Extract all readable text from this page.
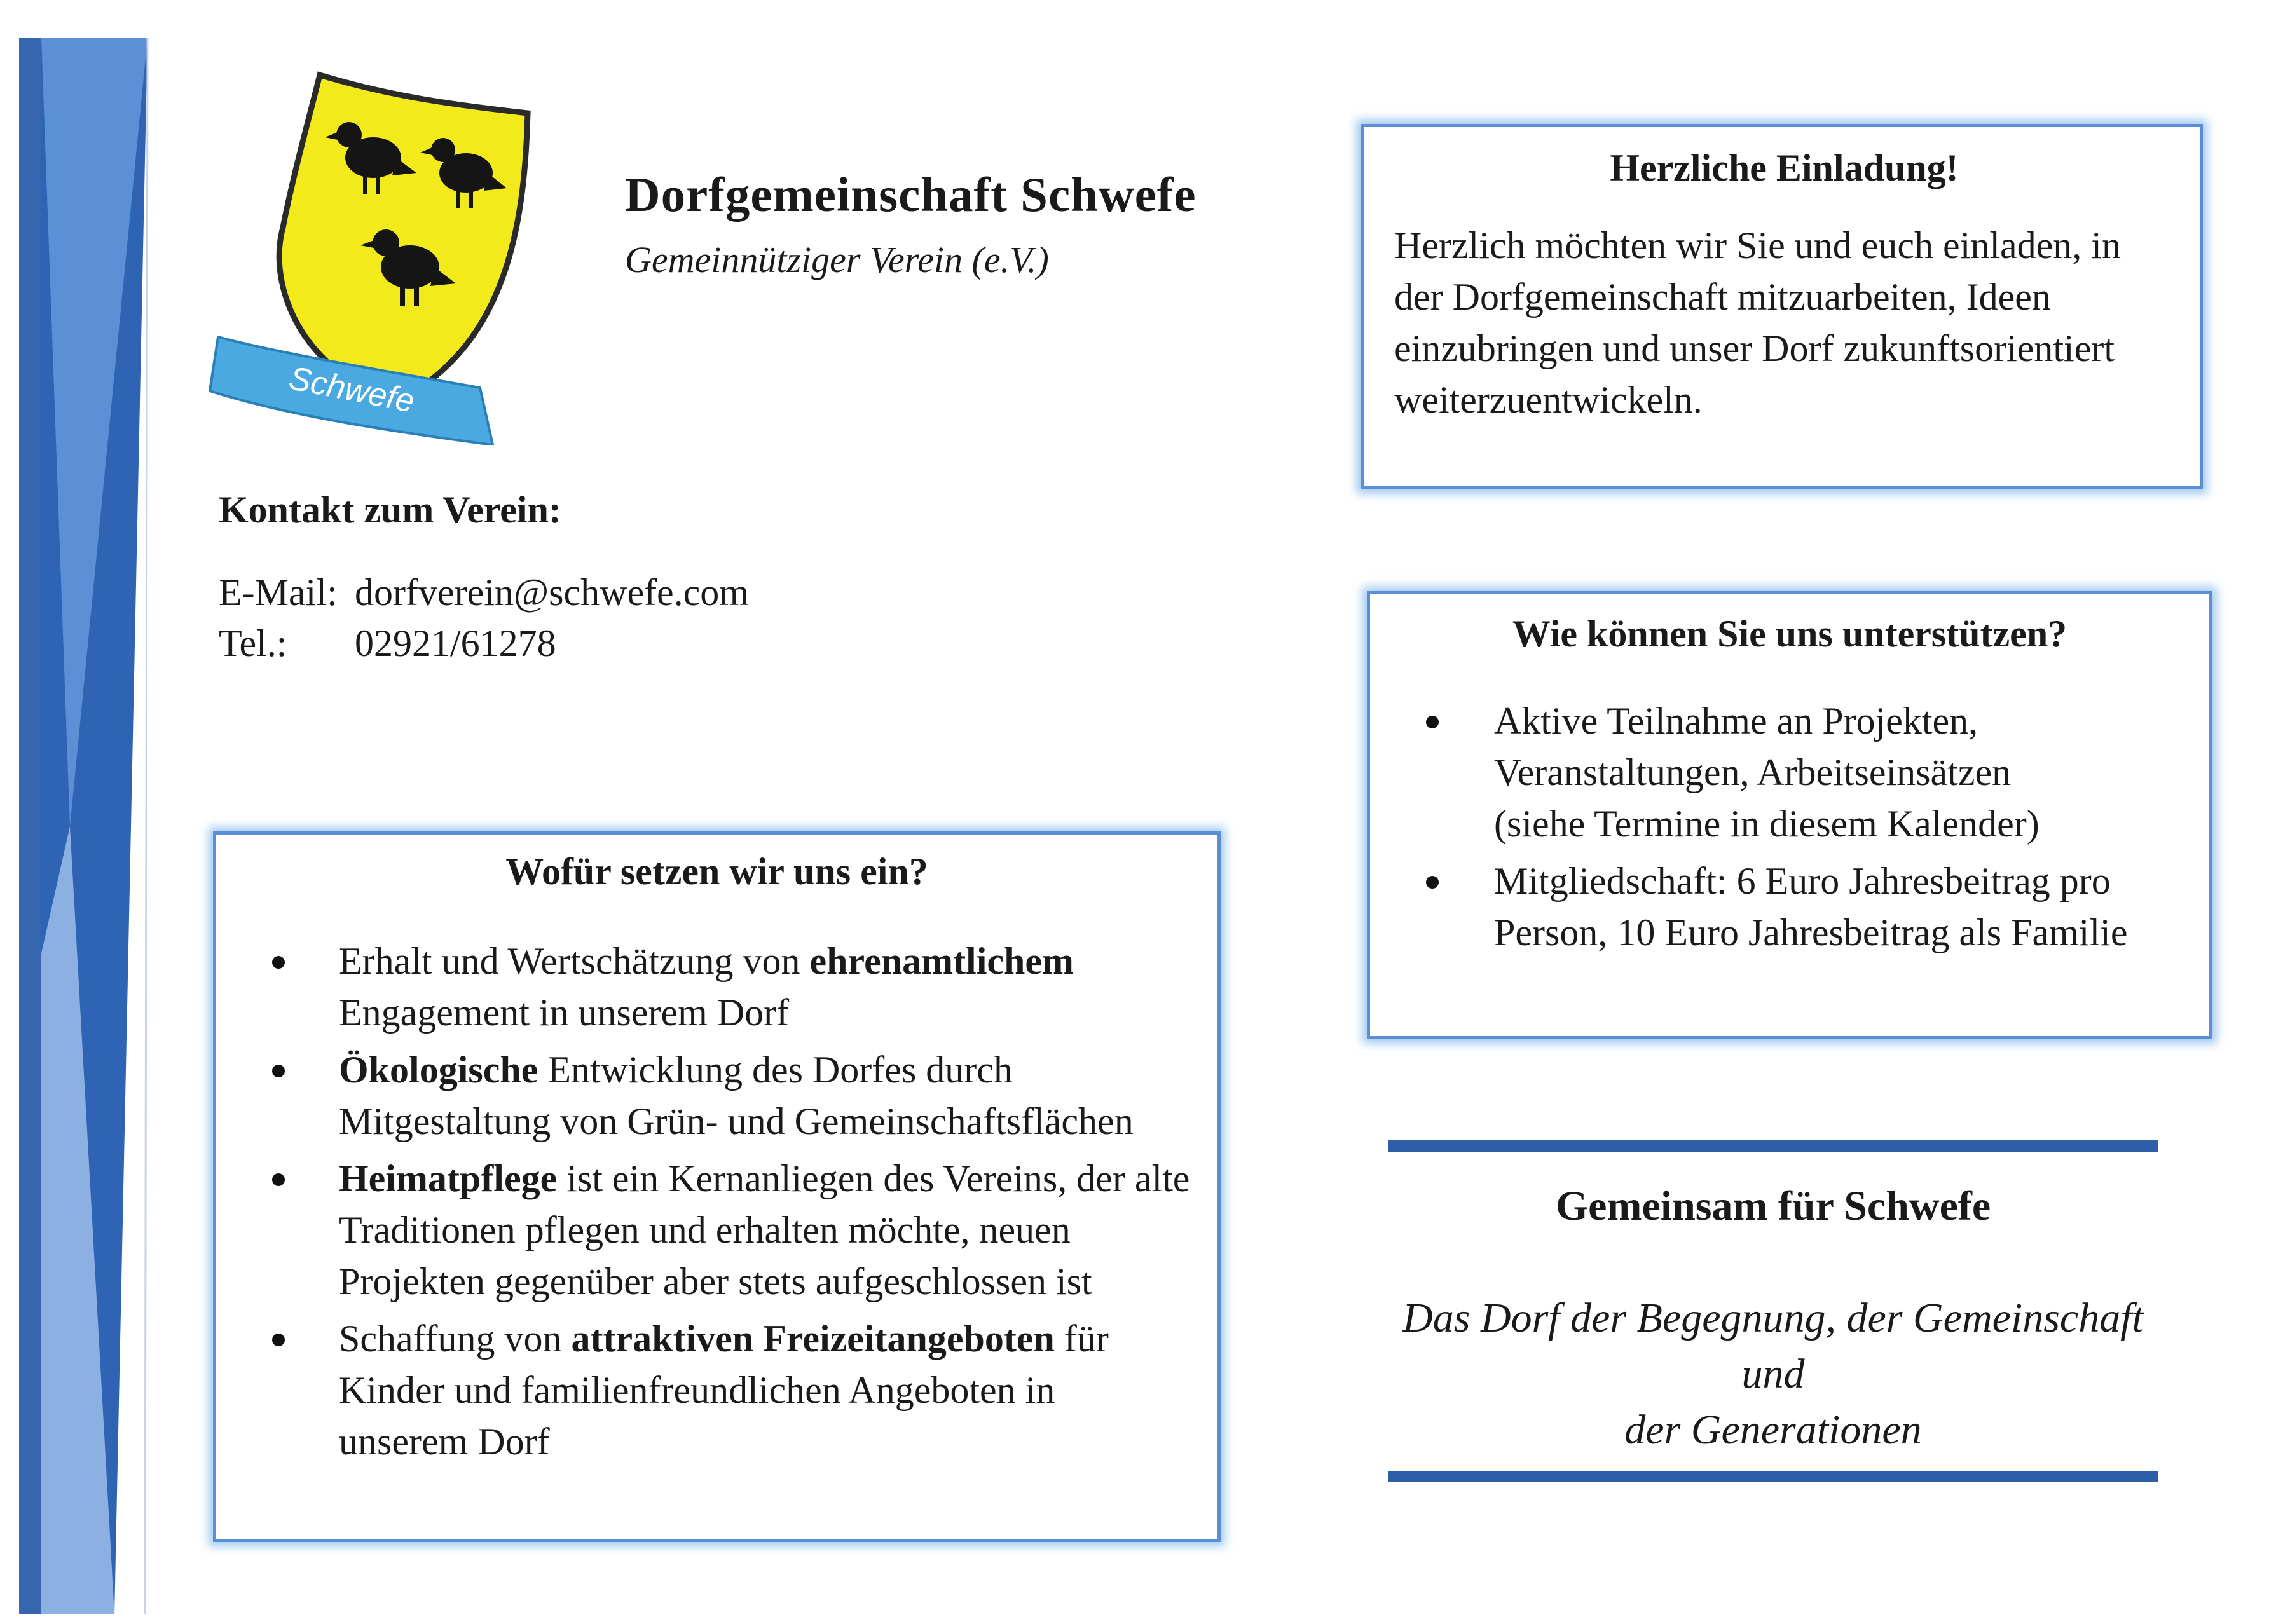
Schwefe
Dorfgemeinschaft Schwefe
Gemeinnütziger Verein (e.V.)
Kontakt zum Verein:
E-Mail: dorfverein@schwefe.com
Tel.: 02921/61278
Herzliche Einladung!
Herzlich möchten wir Sie und euch einladen, in der Dorfgemeinschaft mitzuarbeiten, Ideen einzubringen und unser Dorf zukunftsorientiert weiterzuentwickeln.
Wie können Sie uns unterstützen?
Aktive Teilnahme an Projekten,
Veranstaltungen, Arbeitseinsätzen
(siehe Termine in diesem Kalender)
Mitgliedschaft: 6 Euro Jahresbeitrag pro
Person, 10 Euro Jahresbeitrag als Familie
Wofür setzen wir uns ein?
Erhalt und Wertschätzung von ehrenamtlichem Engagement in unserem Dorf
Ökologische Entwicklung des Dorfes durch Mitgestaltung von Grün- und Gemeinschaftsflächen
Heimatpflege ist ein Kernanliegen des Vereins, der alte Traditionen pflegen und erhalten möchte, neuen Projekten gegenüber aber stets aufgeschlossen ist
Schaffung von attraktiven Freizeitangeboten für Kinder und familienfreundlichen Angeboten in unserem Dorf
Gemeinsam für Schwefe
Das Dorf der Begegnung, der Gemeinschaft und
der Generationen
